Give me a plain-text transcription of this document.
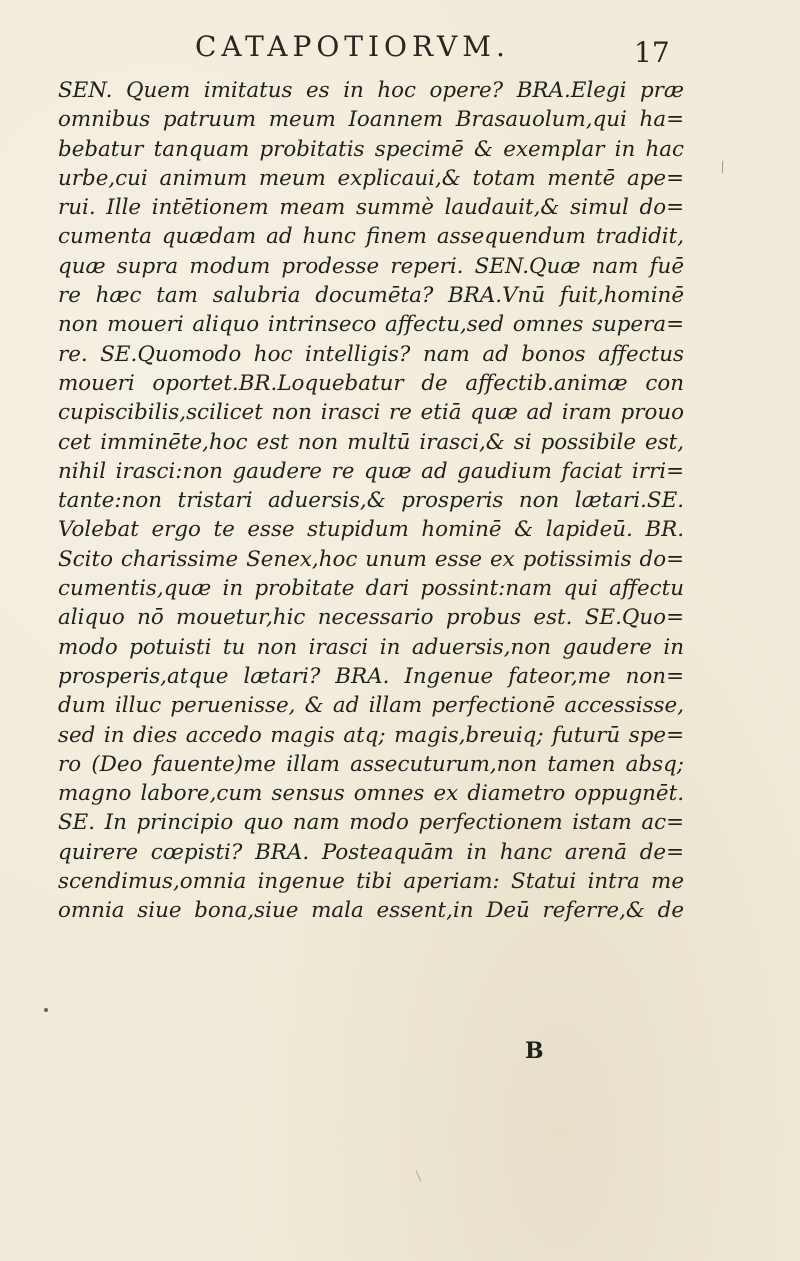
CATAPOTIORVM.	17
SEN. Quem imitatus es in hoc opere? BRA.Elegi præ
omnibus patruum meum Ioannem Brasauolum,qui ha=
bebatur tanquam probitatis specimē & exemplar in hac
urbe,cui animum meum explicaui,& totam mentē ape=
rui. Ille intētionem meam summè laudauit,& simul do=
cumenta quædam ad hunc finem assequendum tradidit,
quæ supra modum prodesse reperi. SEN.Quæ nam fuē
re hæc tam salubria documēta? BRA.Vnū fuit,hominē
non moueri aliquo intrinseco affectu,sed omnes supera=
re. SE.Quomodo hoc intelligis? nam ad bonos affectus
moueri oportet.BR.Loquebatur de affectib.animæ con
cupiscibilis,scilicet non irasci re etiā quæ ad iram prouo
cet imminēte,hoc est non multū irasci,& si possibile est,
nihil irasci:non gaudere re quæ ad gaudium faciat irri=
tante:non tristari aduersis,& prosperis non lætari.SE.
Volebat ergo te esse stupidum hominē & lapideū. BR.
Scito charissime Senex,hoc unum esse ex potissimis do=
cumentis,quæ in probitate dari possint:nam qui affectu
aliquo nō mouetur,hic necessario probus est. SE.Quo=
modo potuisti tu non irasci in aduersis,non gaudere in
prosperis,atque lætari? BRA. Ingenue fateor,me non=
dum illuc peruenisse, & ad illam perfectionē accessisse,
sed in dies accedo magis atq; magis,breuiq; futurū spe=
ro (Deo fauente)me illam assecuturum,non tamen absq;
magno labore,cum sensus omnes ex diametro oppugnēt.
SE. In principio quo nam modo perfectionem istam ac=
quirere cœpisti? BRA. Posteaquām in hanc arenā de=
scendimus,omnia ingenue tibi aperiam: Statui intra me
omnia siue bona,siue mala essent,in Deū referre,& de
B
⁄
